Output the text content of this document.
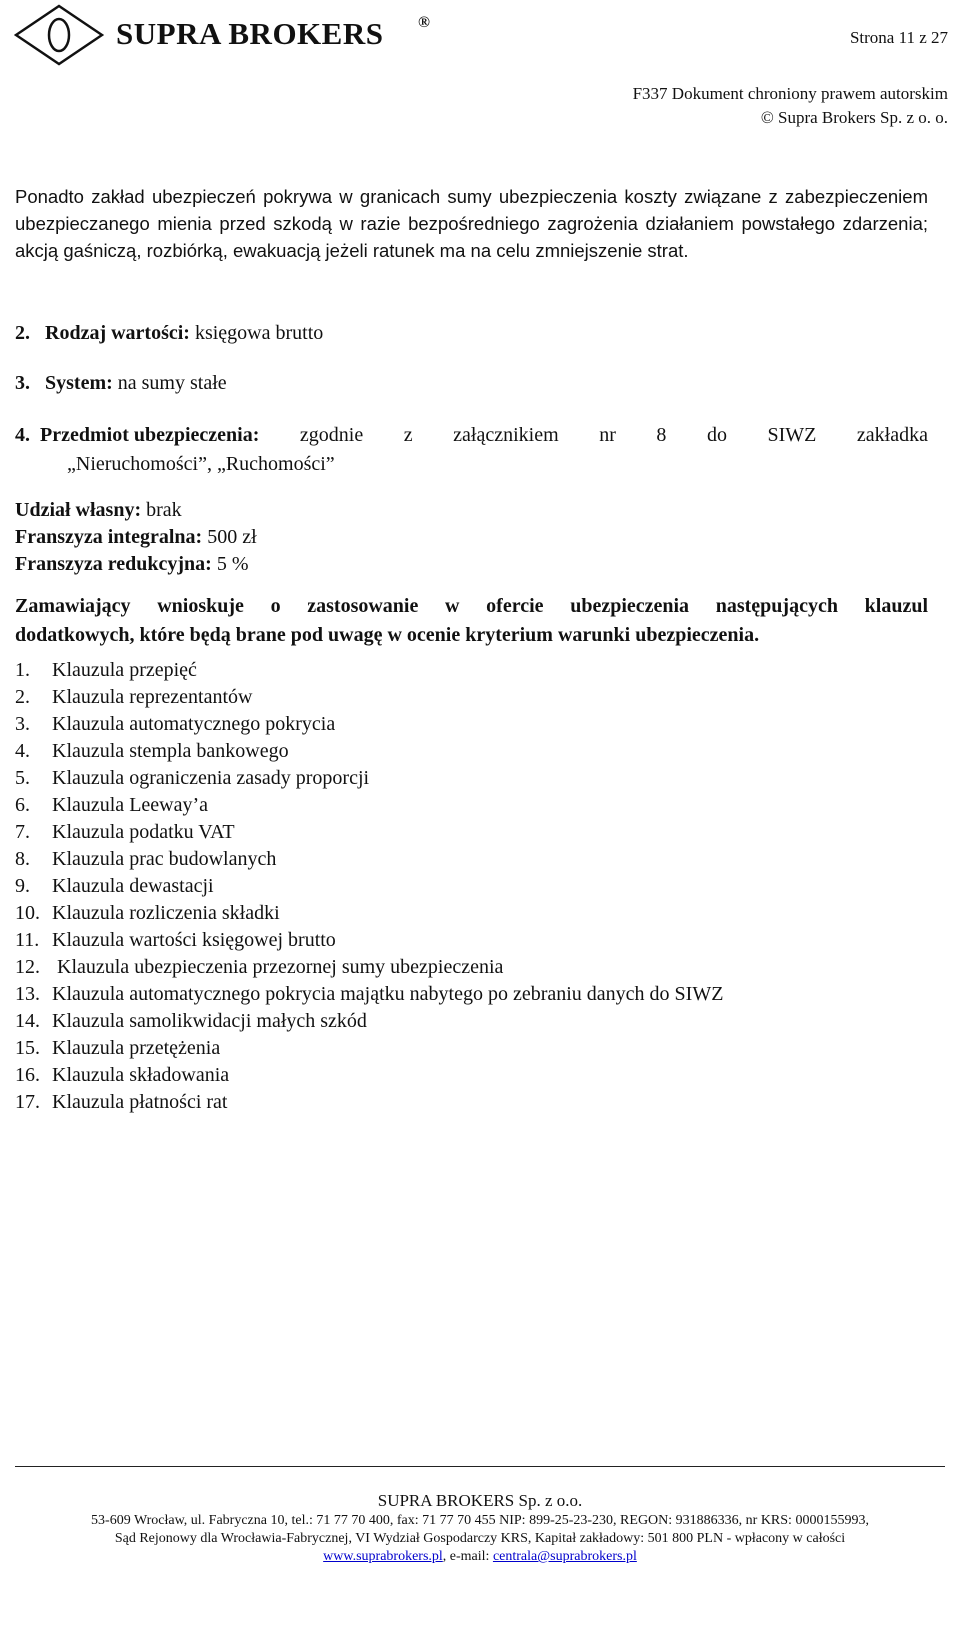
SUPRA BROKERS ®
Strona 11 z 27
F337 Dokument chroniony prawem autorskim
© Supra Brokers Sp. z o. o.

Ponadto zakład ubezpieczeń pokrywa w granicach sumy ubezpieczenia koszty związane z zabezpieczeniem ubezpieczanego mienia przed szkodą w razie bezpośredniego zagrożenia działaniem powstałego zdarzenia; akcją gaśniczą, rozbiórką, ewakuacją jeżeli ratunek ma na celu zmniejszenie strat.

2. Rodzaj wartości: księgowa brutto
3. System: na sumy stałe
4. Przedmiot ubezpieczenia: zgodnie z załącznikiem nr 8 do SIWZ zakładka
„Nieruchomości”, „Ruchomości”
Udział własny: brak
Franszyza integralna: 500 zł
Franszyza redukcyjna: 5 %
Zamawiający wnioskuje o zastosowanie w ofercie ubezpieczenia następujących klauzul
dodatkowych, które będą brane pod uwagę w ocenie kryterium warunki ubezpieczenia.
1. Klauzula przepięć
2. Klauzula reprezentantów
3. Klauzula automatycznego pokrycia
4. Klauzula stempla bankowego
5. Klauzula ograniczenia zasady proporcji
6. Klauzula Leeway’a
7. Klauzula podatku VAT
8. Klauzula prac budowlanych
9. Klauzula dewastacji
10. Klauzula rozliczenia składki
11. Klauzula wartości księgowej brutto
12. Klauzula ubezpieczenia przezornej sumy ubezpieczenia
13. Klauzula automatycznego pokrycia majątku nabytego po zebraniu danych do SIWZ
14. Klauzula samolikwidacji małych szkód
15. Klauzula przetężenia
16. Klauzula składowania
17. Klauzula płatności rat
SUPRA BROKERS Sp. z o.o.
53-609 Wrocław, ul. Fabryczna 10, tel.: 71 77 70 400, fax: 71 77 70 455 NIP: 899-25-23-230, REGON: 931886336, nr KRS: 0000155993,
Sąd Rejonowy dla Wrocławia-Fabrycznej, VI Wydział Gospodarczy KRS, Kapitał zakładowy: 501 800 PLN - wpłacony w całości
www.suprabrokers.pl, e-mail: centrala@suprabrokers.pl
